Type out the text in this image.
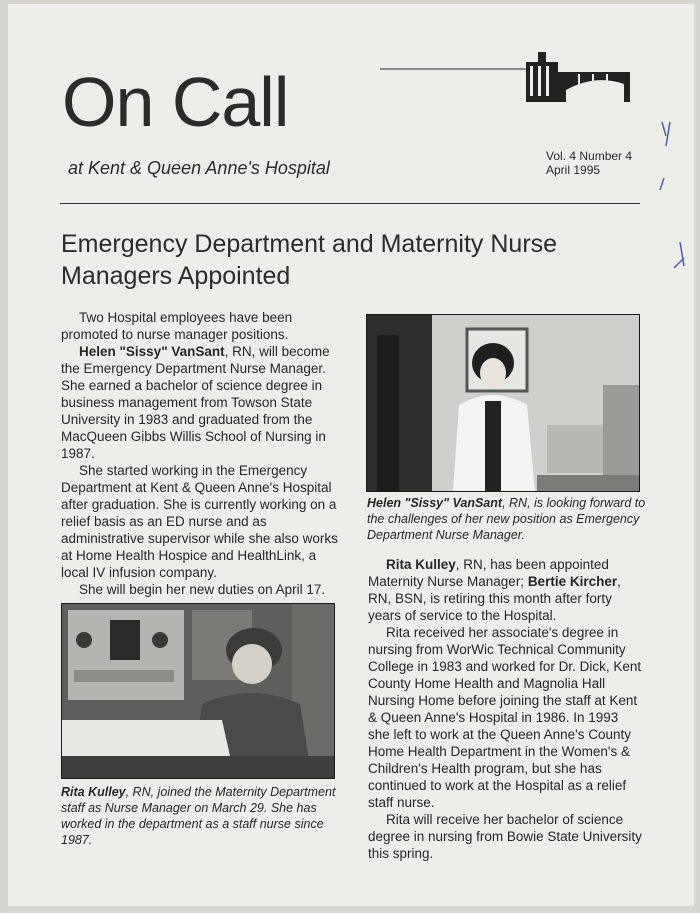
On Call
at Kent & Queen Anne's Hospital
Vol. 4 Number 4
April 1995
Emergency Department and Maternity Nurse Managers Appointed

Two Hospital employees have been promoted to nurse manager positions.

Helen "Sissy" VanSant, RN, will become the Emergency Department Nurse Manager. She earned a bachelor of science degree in business management from Towson State University in 1983 and graduated from the MacQueen Gibbs Willis School of Nursing in 1987.

She started working in the Emergency Department at Kent & Queen Anne's Hospital after graduation. She is currently working on a relief basis as an ED nurse and as administrative supervisor while she also works at Home Health Hospice and HealthLink, a local IV infusion company.

She will begin her new duties on April 17.

Helen "Sissy" VanSant, RN, is looking forward to the challenges of her new position as Emergency Department Nurse Manager.

Rita Kulley, RN, has been appointed Maternity Nurse Manager; Bertie Kircher, RN, BSN, is retiring this month after forty years of service to the Hospital.

Rita received her associate's degree in nursing from WorWic Technical Community College in 1983 and worked for Dr. Dick, Kent County Home Health and Magnolia Hall Nursing Home before joining the staff at Kent & Queen Anne's Hospital in 1986. In 1993 she left to work at the Queen Anne's County Home Health Department in the Women's & Children's Health program, but she has continued to work at the Hospital as a relief staff nurse.

Rita will receive her bachelor of science degree in nursing from Bowie State University this spring.

Rita Kulley, RN, joined the Maternity Department staff as Nurse Manager on March 29. She has worked in the department as a staff nurse since 1987.
